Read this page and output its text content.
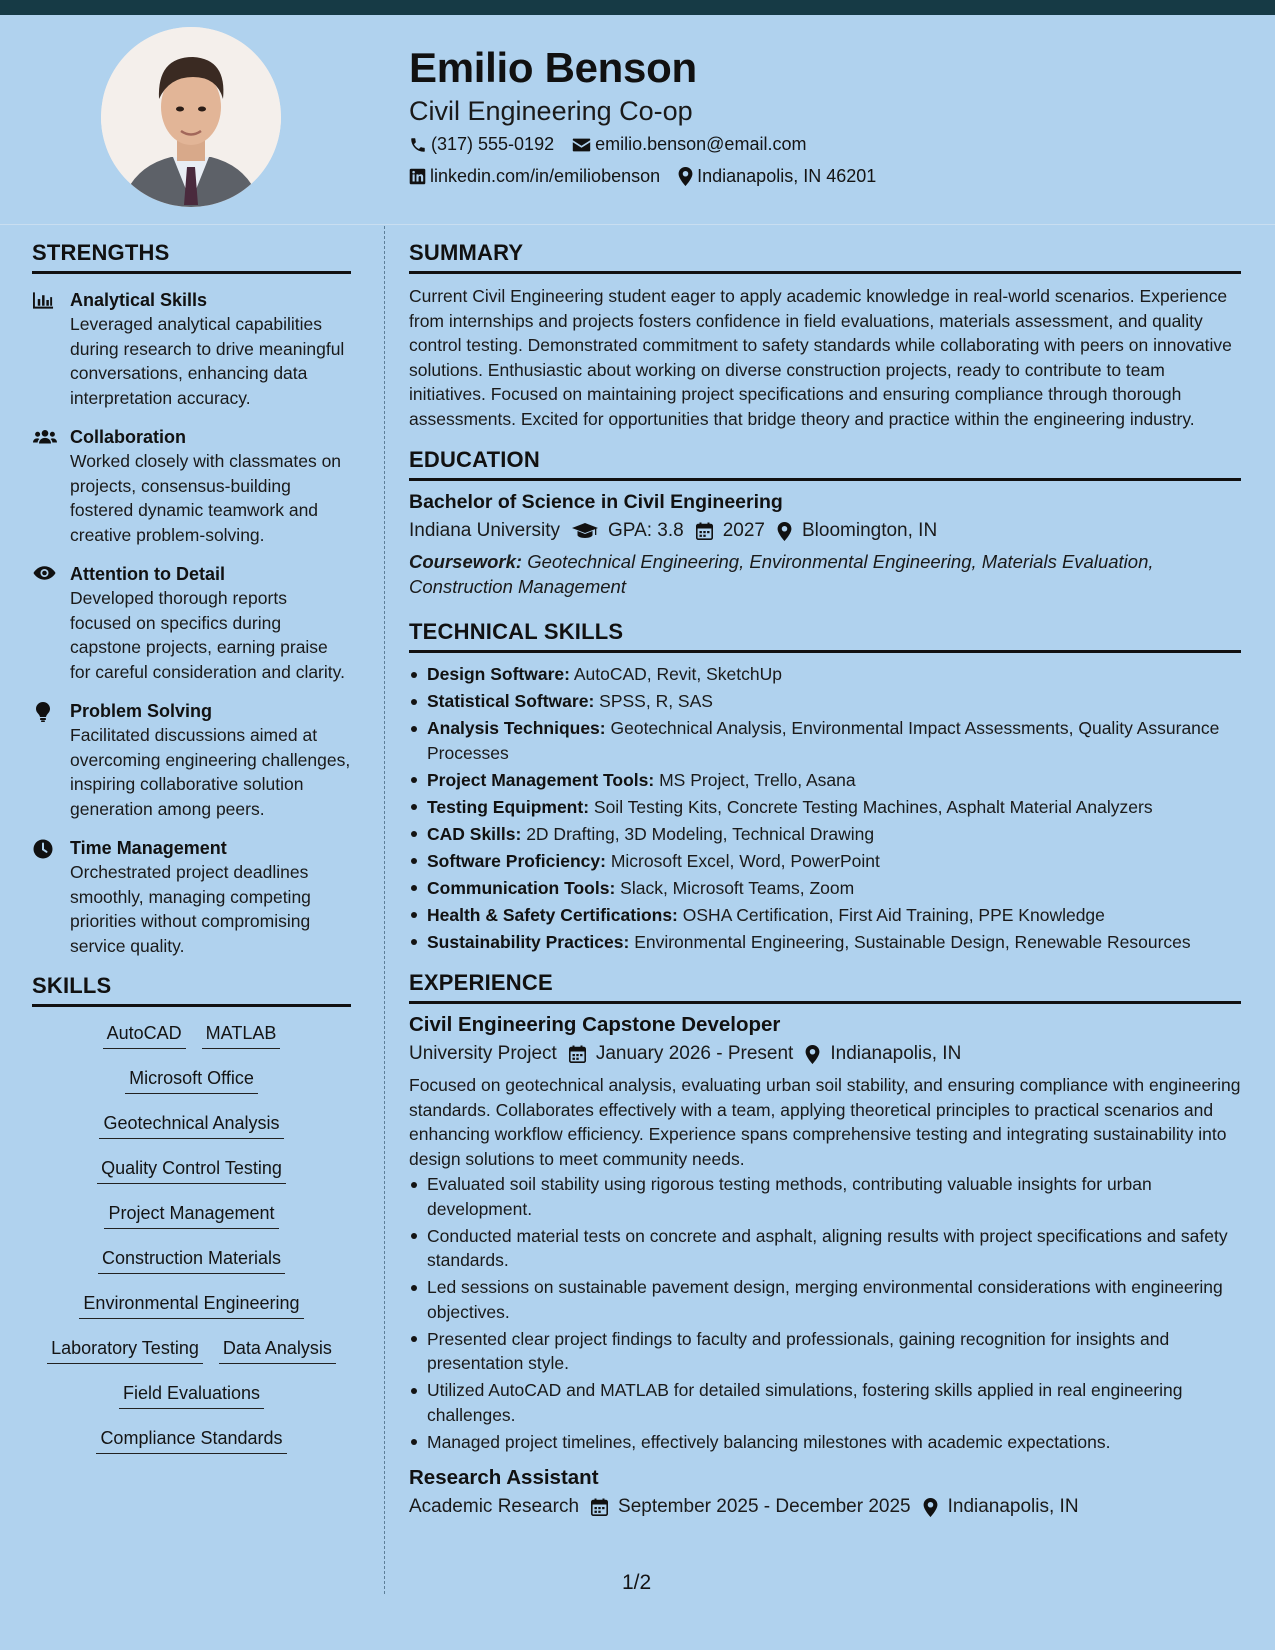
Emilio Benson
Civil Engineering Co-op
(317) 555-0192 emilio.benson@email.com
linkedin.com/in/emiliobenson Indianapolis, IN 46201
STRENGTHS
Analytical Skills
Leveraged analytical capabilities during research to drive meaningful conversations, enhancing data interpretation accuracy.
Collaboration
Worked closely with classmates on projects, consensus-building fostered dynamic teamwork and creative problem-solving.
Attention to Detail
Developed thorough reports focused on specifics during capstone projects, earning praise for careful consideration and clarity.
Problem Solving
Facilitated discussions aimed at overcoming engineering challenges, inspiring collaborative solution generation among peers.
Time Management
Orchestrated project deadlines smoothly, managing competing priorities without compromising service quality.
SKILLS
AutoCAD MATLAB
Microsoft Office
Geotechnical Analysis
Quality Control Testing
Project Management
Construction Materials
Environmental Engineering
Laboratory Testing Data Analysis
Field Evaluations
Compliance Standards
SUMMARY
Current Civil Engineering student eager to apply academic knowledge in real-world scenarios. Experience from internships and projects fosters confidence in field evaluations, materials assessment, and quality control testing. Demonstrated commitment to safety standards while collaborating with peers on innovative solutions. Enthusiastic about working on diverse construction projects, ready to contribute to team initiatives. Focused on maintaining project specifications and ensuring compliance through thorough assessments. Excited for opportunities that bridge theory and practice within the engineering industry.
EDUCATION
Bachelor of Science in Civil Engineering
Indiana University	GPA: 3.8 2027 Bloomington, IN
Coursework: Geotechnical Engineering, Environmental Engineering, Materials Evaluation, Construction Management
TECHNICAL SKILLS
Design Software: AutoCAD, Revit, SketchUp
Statistical Software: SPSS, R, SAS
Analysis Techniques: Geotechnical Analysis, Environmental Impact Assessments, Quality Assurance Processes
Project Management Tools: MS Project, Trello, Asana
Testing Equipment: Soil Testing Kits, Concrete Testing Machines, Asphalt Material Analyzers
CAD Skills: 2D Drafting, 3D Modeling, Technical Drawing
Software Proficiency: Microsoft Excel, Word, PowerPoint
Communication Tools: Slack, Microsoft Teams, Zoom
Health & Safety Certifications: OSHA Certification, First Aid Training, PPE Knowledge
Sustainability Practices: Environmental Engineering, Sustainable Design, Renewable Resources
EXPERIENCE
Civil Engineering Capstone Developer
University Project January 2026 - Present Indianapolis, IN
Focused on geotechnical analysis, evaluating urban soil stability, and ensuring compliance with engineering standards. Collaborates effectively with a team, applying theoretical principles to practical scenarios and enhancing workflow efficiency. Experience spans comprehensive testing and integrating sustainability into design solutions to meet community needs.
Evaluated soil stability using rigorous testing methods, contributing valuable insights for urban development.
Conducted material tests on concrete and asphalt, aligning results with project specifications and safety standards.
Led sessions on sustainable pavement design, merging environmental considerations with engineering objectives.
Presented clear project findings to faculty and professionals, gaining recognition for insights and presentation style.
Utilized AutoCAD and MATLAB for detailed simulations, fostering skills applied in real engineering challenges.
Managed project timelines, effectively balancing milestones with academic expectations.
Research Assistant
Academic Research September 2025 - December 2025 Indianapolis, IN
1/2
